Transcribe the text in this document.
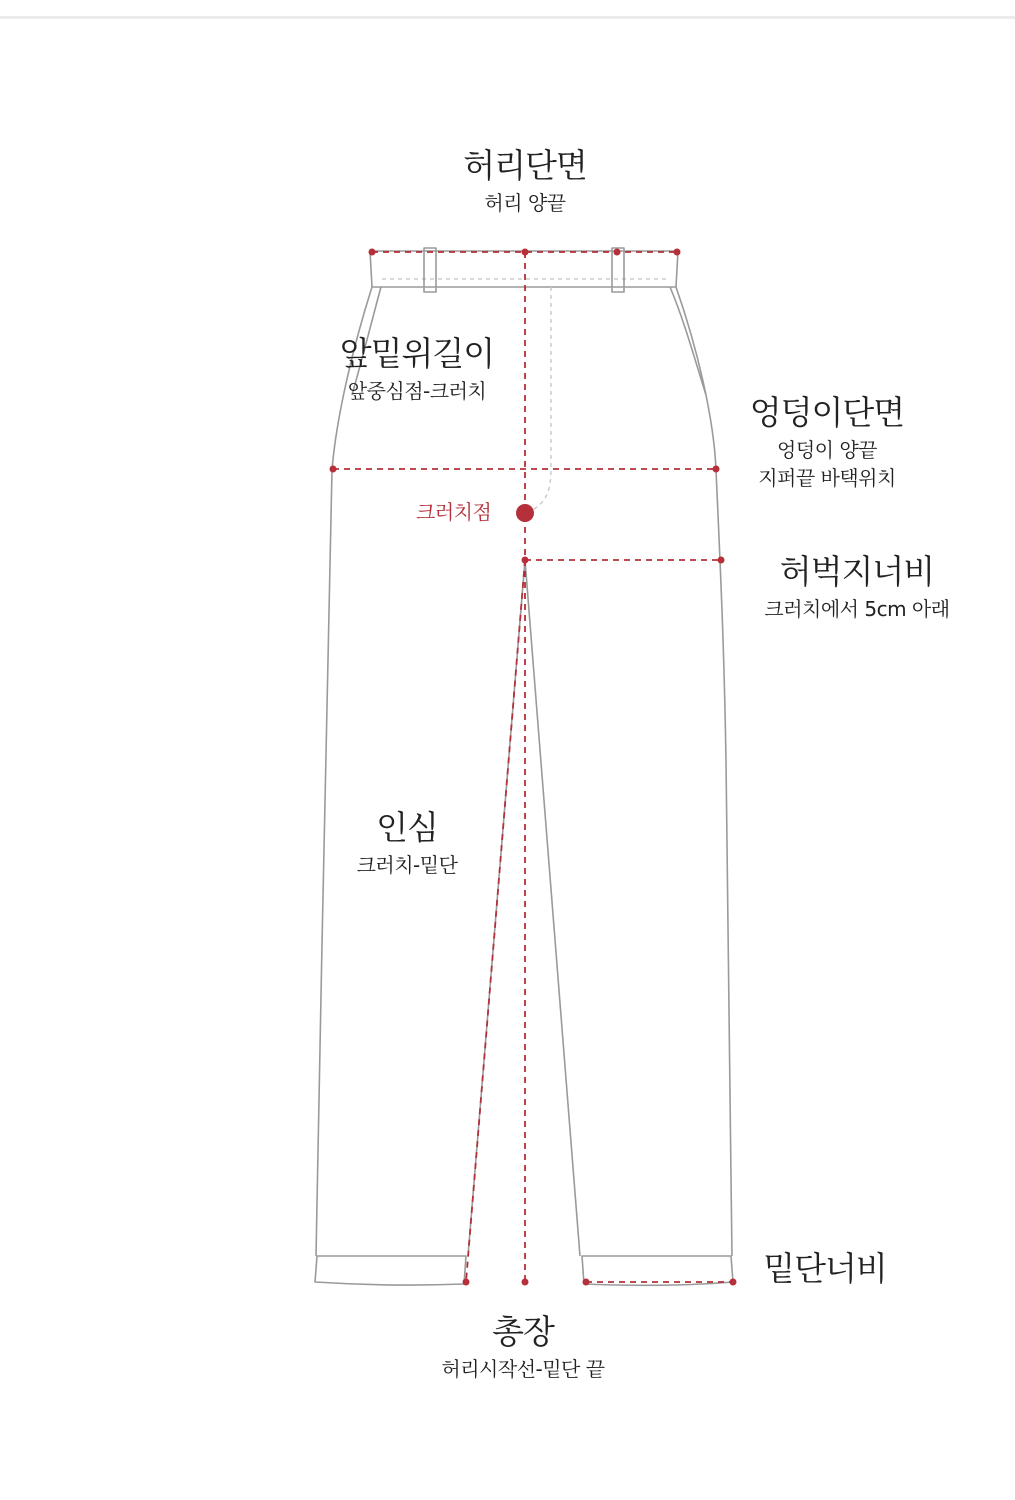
허리단면
허리 양끝
앞밑위길이
앞중심점-크러치
엉덩이단면
엉덩이 양끝
지퍼끝 바택위치
크러치점
허벅지너비
크러치에서 5cm 아래
인심
크러치-밑단
밑단너비
총장
허리시작선-밑단 끝
